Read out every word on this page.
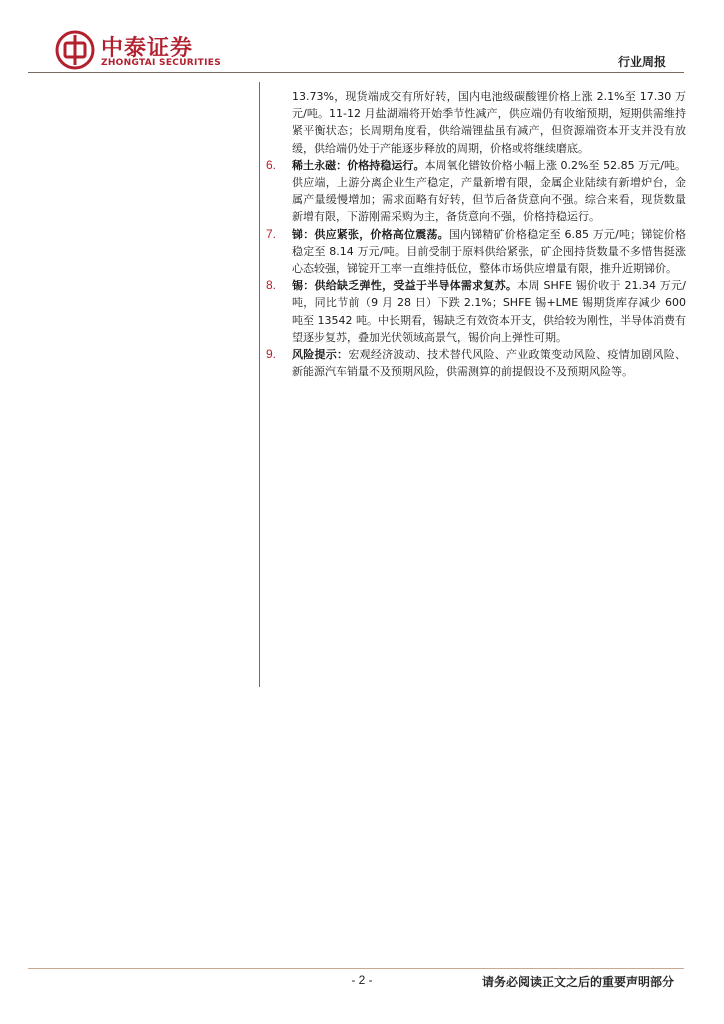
中泰证券
ZHONGTAI SECURITIES	行业周报

13.73%，现货端成交有所好转，国内电池级碳酸锂价格上涨 2.1%至 17.30 万元/吨。11-12 月盐湖端将开始季节性减产，供应端仍有收缩预期，短期供需维持紧平衡状态；长周期角度看，供给端锂盐虽有减产，但资源端资本开支并没有放缓，供给端仍处于产能逐步释放的周期，价格或将继续磨底。

6. 稀土永磁：价格持稳运行。本周氧化镨钕价格小幅上涨 0.2%至 52.85 万元/吨。供应端，上游分离企业生产稳定，产量新增有限，金属企业陆续有新增炉台，金属产量缓慢增加；需求面略有好转，但节后备货意向不强。综合来看，现货数量新增有限，下游刚需采购为主，备货意向不强，价格持稳运行。

7. 锑：供应紧张，价格高位震荡。国内锑精矿价格稳定至 6.85 万元/吨；锑锭价格稳定至 8.14 万元/吨。目前受制于原料供给紧张，矿企囤持货数量不多惜售挺涨心态较强，锑锭开工率一直维持低位，整体市场供应增量有限，推升近期锑价。

8. 锡：供给缺乏弹性，受益于半导体需求复苏。本周 SHFE 锡价收于 21.34 万元/吨，同比节前（9 月 28 日）下跌 2.1%；SHFE 锡+LME 锡期货库存减少 600 吨至 13542 吨。中长期看，锡缺乏有效资本开支，供给较为刚性，半导体消费有望逐步复苏，叠加光伏领域高景气，锡价向上弹性可期。

9. 风险提示：宏观经济波动、技术替代风险、产业政策变动风险、疫情加剧风险、新能源汽车销量不及预期风险，供需测算的前提假设不及预期风险等。

- 2 -	请务必阅读正文之后的重要声明部分
